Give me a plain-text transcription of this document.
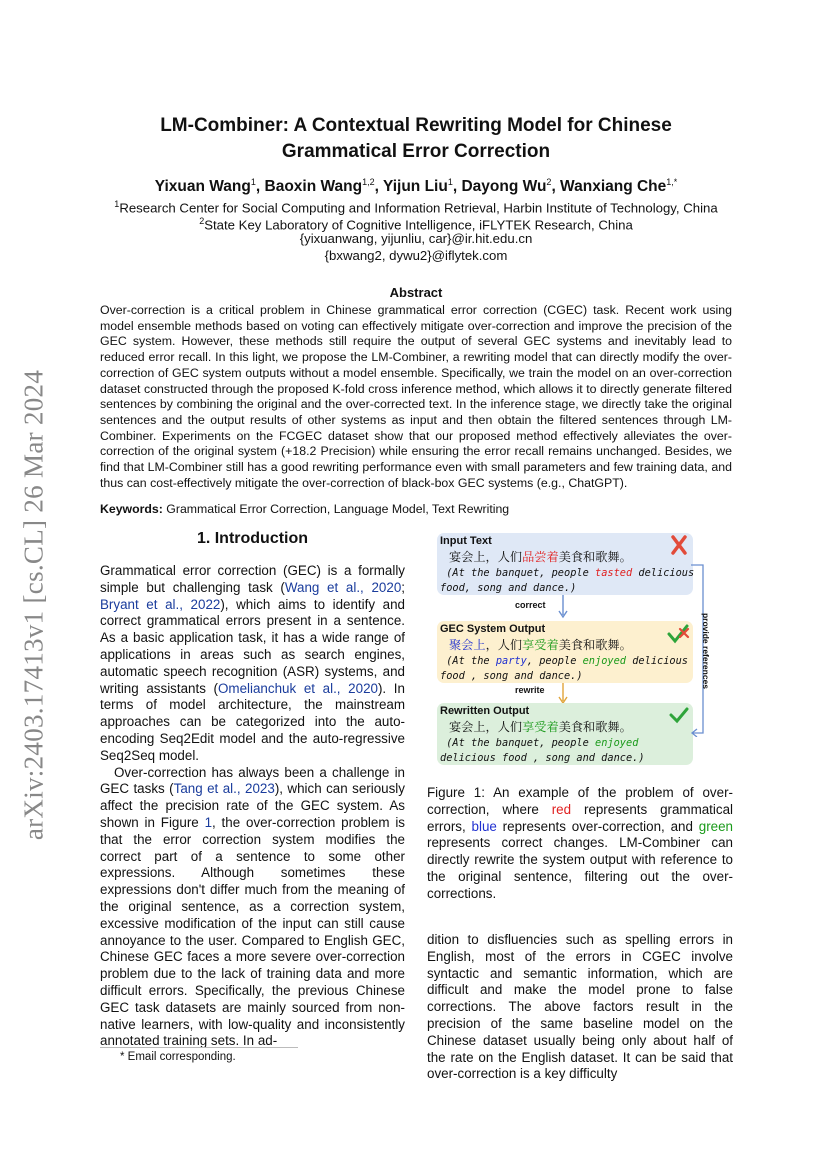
arXiv:2403.17413v1 [cs.CL] 26 Mar 2024
LM-Combiner: A Contextual Rewriting Model for Chinese
Grammatical Error Correction
Yixuan Wang$^1$, Baoxin Wang$^{1,2}$, Yijun Liu$^1$, Dayong Wu$^2$, Wanxiang Che$^{1,*}$
$^1$Research Center for Social Computing and Information Retrieval, Harbin Institute of Technology, China
$^2$State Key Laboratory of Cognitive Intelligence, iFLYTEK Research, China
{yixuanwang, yijunliu, car}@ir.hit.edu.cn
{bxwang2, dywu2}@iflytek.com
Abstract
Over-correction is a critical problem in Chinese grammatical error correction (CGEC) task. Recent work using model ensemble methods based on voting can effectively mitigate over-correction and improve the precision of the GEC system. However, these methods still require the output of several GEC systems and inevitably lead to reduced error recall. In this light, we propose the LM-Combiner, a rewriting model that can directly modify the over-correction of GEC system outputs without a model ensemble. Specifically, we train the model on an over-correction dataset constructed through the proposed K-fold cross inference method, which allows it to directly generate filtered sentences by combining the original and the over-corrected text. In the inference stage, we directly take the original sentences and the output results of other systems as input and then obtain the filtered sentences through LM-Combiner. Experiments on the FCGEC dataset show that our proposed method effectively alleviates the over-correction of the original system (+18.2 Precision) while ensuring the error recall remains unchanged. Besides, we find that LM-Combiner still has a good rewriting performance even with small parameters and few training data, and thus can cost-effectively mitigate the over-correction of black-box GEC systems (e.g., ChatGPT).
Keywords: Grammatical Error Correction, Language Model, Text Rewriting
1. Introduction

Grammatical error correction (GEC) is a formally simple but challenging task (Wang et al., 2020; Bryant et al., 2022), which aims to identify and correct grammatical errors present in a sentence. As a basic application task, it has a wide range of applications in areas such as search engines, automatic speech recognition (ASR) systems, and writing assistants (Omelianchuk et al., 2020). In terms of model architecture, the mainstream approaches can be categorized into the auto-encoding Seq2Edit model and the auto-regressive Seq2Seq model.

Over-correction has always been a challenge in GEC tasks (Tang et al., 2023), which can seriously affect the precision rate of the GEC system. As shown in Figure 1, the over-correction problem is that the error correction system modifies the correct part of a sentence to some other expressions. Although sometimes these expressions don't differ much from the meaning of the original sentence, as a correction system, excessive modification of the input can still cause annoyance to the user. Compared to English GEC, Chinese GEC faces a more severe over-correction problem due to the lack of training data and more difficult errors. Specifically, the previous Chinese GEC task datasets are mainly sourced from non-native learners, with low-quality and inconsistently annotated training sets. In ad-

* Email corresponding.
Input Text
宴会上，人们品尝着美食和歌舞。
(At the banquet, people tasted delicious food, song and dance.)
correct
GEC System Output
聚会上，人们享受着美食和歌舞。
(At the party, people enjoyed delicious food , song and dance.)
rewrite
Rewritten Output
宴会上，人们享受着美食和歌舞。
(At the banquet, people enjoyed delicious food , song and dance.)
provide references
Figure 1: An example of the problem of over-correction, where red represents grammatical errors, blue represents over-correction, and green represents correct changes. LM-Combiner can directly rewrite the system output with reference to the original sentence, filtering out the over-corrections.
dition to disfluencies such as spelling errors in English, most of the errors in CGEC involve syntactic and semantic information, which are difficult and make the model prone to false corrections. The above factors result in the precision of the same baseline model on the Chinese dataset usually being only about half of the rate on the English dataset. It can be said that over-correction is a key difficulty
